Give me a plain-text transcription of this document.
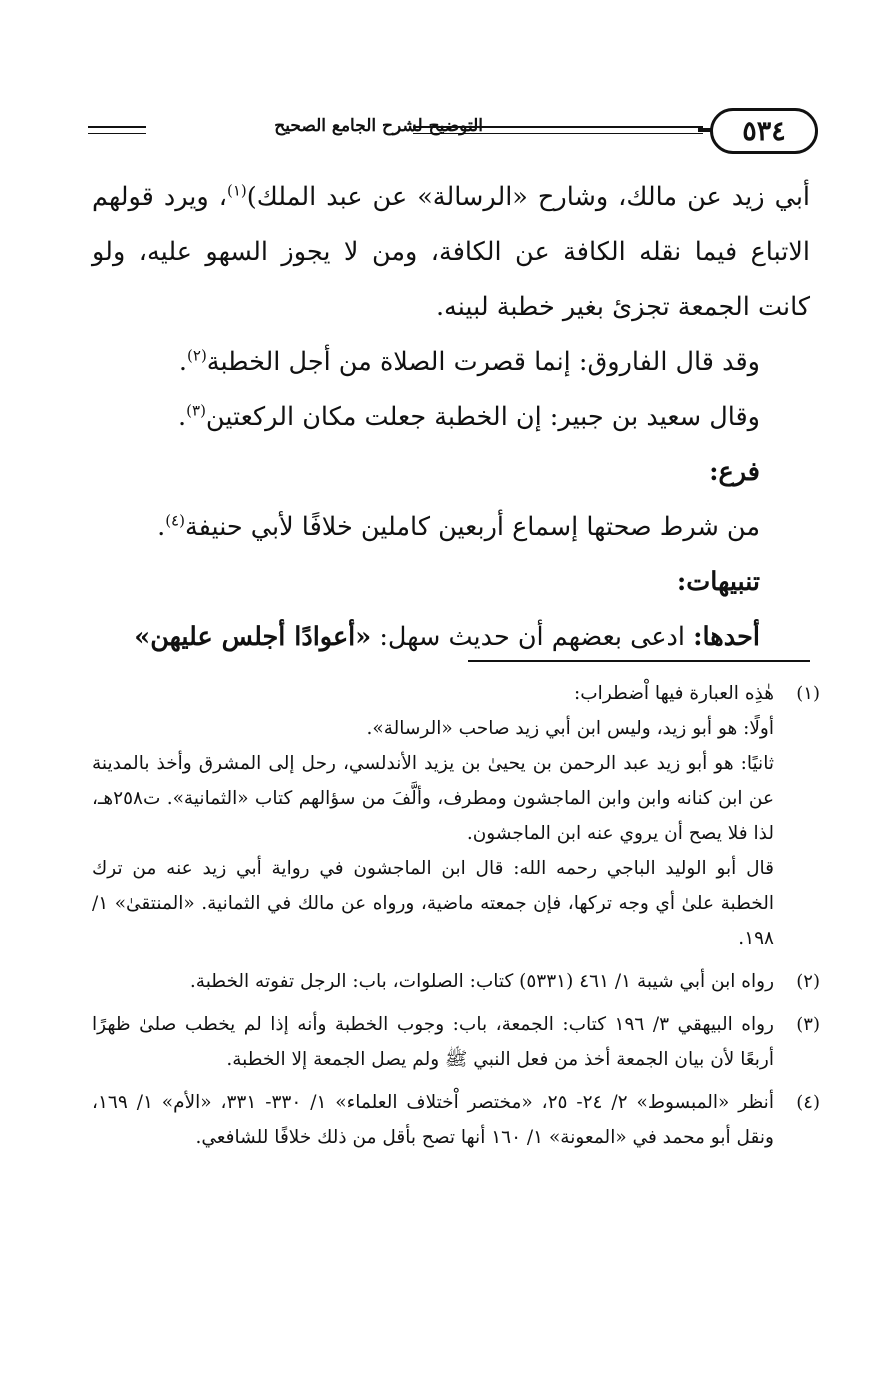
التوضيح لشرح الجامع الصحيح	٥٣٤

أبي زيد عن مالك، وشارح «الرسالة» عن عبد الملك)$^{(١)}$، ويرد قولهم الاتباع فيما نقله الكافة عن الكافة، ومن لا يجوز السهو عليه، ولو كانت الجمعة تجزئ بغير خطبة لبينه.

وقد قال الفاروق: إنما قصرت الصلاة من أجل الخطبة$^{(٢)}$.

وقال سعيد بن جبير: إن الخطبة جعلت مكان الركعتين$^{(٣)}$.

فرع:

من شرط صحتها إسماع أربعين كاملين خلافًا لأبي حنيفة$^{(٤)}$.

تنبيهات:

أحدها: ادعى بعضهم أن حديث سهل: «أعوادًا أجلس عليهن»

(١)
هٰذِه العبارة فيها اْضطراب:
أولًا: هو أبو زيد، وليس ابن أبي زيد صاحب «الرسالة».
ثانيًا: هو أبو زيد عبد الرحمن بن يحيىٰ بن يزيد الأندلسي، رحل إلى المشرق وأخذ بالمدينة عن ابن كنانه وابن وابن الماجشون ومطرف، وألَّفَ من سؤالهم كتاب «الثمانية». ت٢٥٨هـ، لذا فلا يصح أن يروي عنه ابن الماجشون.
قال أبو الوليد الباجي رحمه الله: قال ابن الماجشون في رواية أبي زيد عنه من ترك الخطبة علىٰ أي وجه تركها، فإن جمعته ماضية، ورواه عن مالك في الثمانية. «المنتقىٰ» ١/ ١٩٨.
(٢)
رواه ابن أبي شيبة ١/ ٤٦١ (٥٣٣١) كتاب: الصلوات، باب: الرجل تفوته الخطبة.
(٣)
رواه البيهقي ٣/ ١٩٦ كتاب: الجمعة، باب: وجوب الخطبة وأنه إذا لم يخطب صلىٰ ظهرًا أربعًا لأن بيان الجمعة أخذ من فعل النبي ﷺ ولم يصل الجمعة إلا الخطبة.
(٤)
أنظر «المبسوط» ٢/ ٢٤- ٢٥، «مختصر اْختلاف العلماء» ١/ ٣٣٠- ٣٣١، «الأم» ١/ ١٦٩، ونقل أبو محمد في «المعونة» ١/ ١٦٠ أنها تصح بأقل من ذلك خلافًا للشافعي.
